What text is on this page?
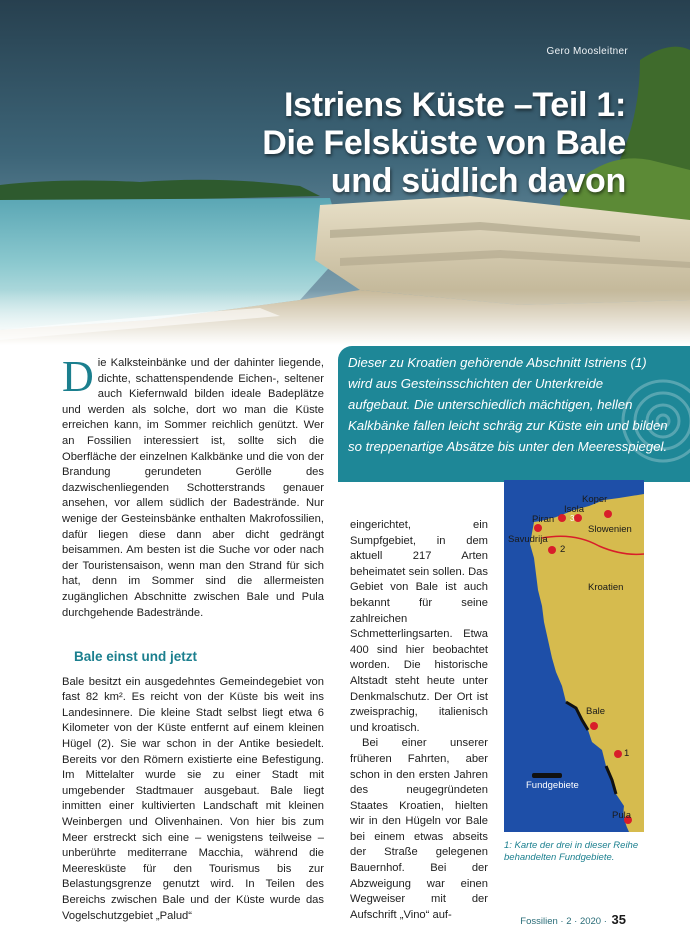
Gero Moosleitner
Istriens Küste –Teil 1:
Die Felsküste von Bale
und südlich davon
Dieser zu Kroatien gehörende Abschnitt Istriens (1) wird aus Gesteinsschichten der Unterkreide aufgebaut. Die unterschiedlich mächtigen, hellen Kalkbänke fallen leicht schräg zur Küste ein und bilden so treppenartige Absätze bis unter den Meeresspiegel.

Die Kalksteinbänke und der dahinter liegende, dichte, schattenspendende Eichen-, seltener auch Kiefernwald bilden ideale Badeplätze und werden als solche, dort wo man die Küste erreichen kann, im Sommer reichlich genützt. Wer an Fossilien interessiert ist, sollte sich die Oberfläche der einzelnen Kalkbänke und die von der Brandung gerundeten Gerölle des dazwischenliegenden Schotterstrands genauer ansehen, vor allem südlich der Badestrände. Nur wenige der Gesteinsbänke enthalten Makrofossilien, dafür liegen diese dann aber dicht gedrängt beisammen. Am besten ist die Suche vor oder nach der Touristensaison, wenn man den Strand für sich hat, denn im Sommer sind die allermeisten zugänglichen Abschnitte zwischen Bale und Pula durchgehende Badestrände.

Bale einst und jetzt

Bale besitzt ein ausgedehntes Gemeindegebiet von fast 82 km². Es reicht von der Küste bis weit ins Landesinnere. Die kleine Stadt selbst liegt etwa 6 Kilometer von der Küste entfernt auf einem kleinen Hügel (2). Sie war schon in der Antike besiedelt. Bereits vor den Römern existierte eine Befestigung. Im Mittelalter wurde sie zu einer Stadt mit umgebender Stadtmauer ausgebaut. Bale liegt inmitten einer kultivierten Landschaft mit kleinen Weinbergen und Olivenhainen. Von hier bis zum Meer erstreckt sich eine – wenigstens teilweise – unberührte mediterrane Macchia, während die Meeresküste für den Tourismus bis zur Belastungsgrenze genutzt wird. In Teilen des Bereichs zwischen Bale und der Küste wurde das Vogelschutzgebiet „Palud“

eingerichtet, ein Sumpfgebiet, in dem aktuell 217 Arten beheimatet sein sollen. Das Gebiet von Bale ist auch bekannt für seine zahlreichen Schmetterlingsarten. Etwa 400 sind hier beobachtet worden. Die historische Altstadt steht heute unter Denkmalschutz. Der Ort ist zweisprachig, italienisch und kroatisch.

Bei einer unserer früheren Fahrten, aber schon in den ersten Jahren des neugegründeten Staates Kroatien, hielten wir in den Hügeln vor Bale bei einem etwas abseits der Straße gelegenen Bauernhof. Bei der Abzweigung war einen Wegweiser mit der Aufschrift „Vino“ auf-

Koper
Isola
3
Piran
Savudrija
2
Slowenien
Kroatien
Bale
1
Fundgebiete
Pula
1: Karte der drei in dieser Reihe behandelten Fundgebiete.
Fossilien · 2 · 2020 · 35
